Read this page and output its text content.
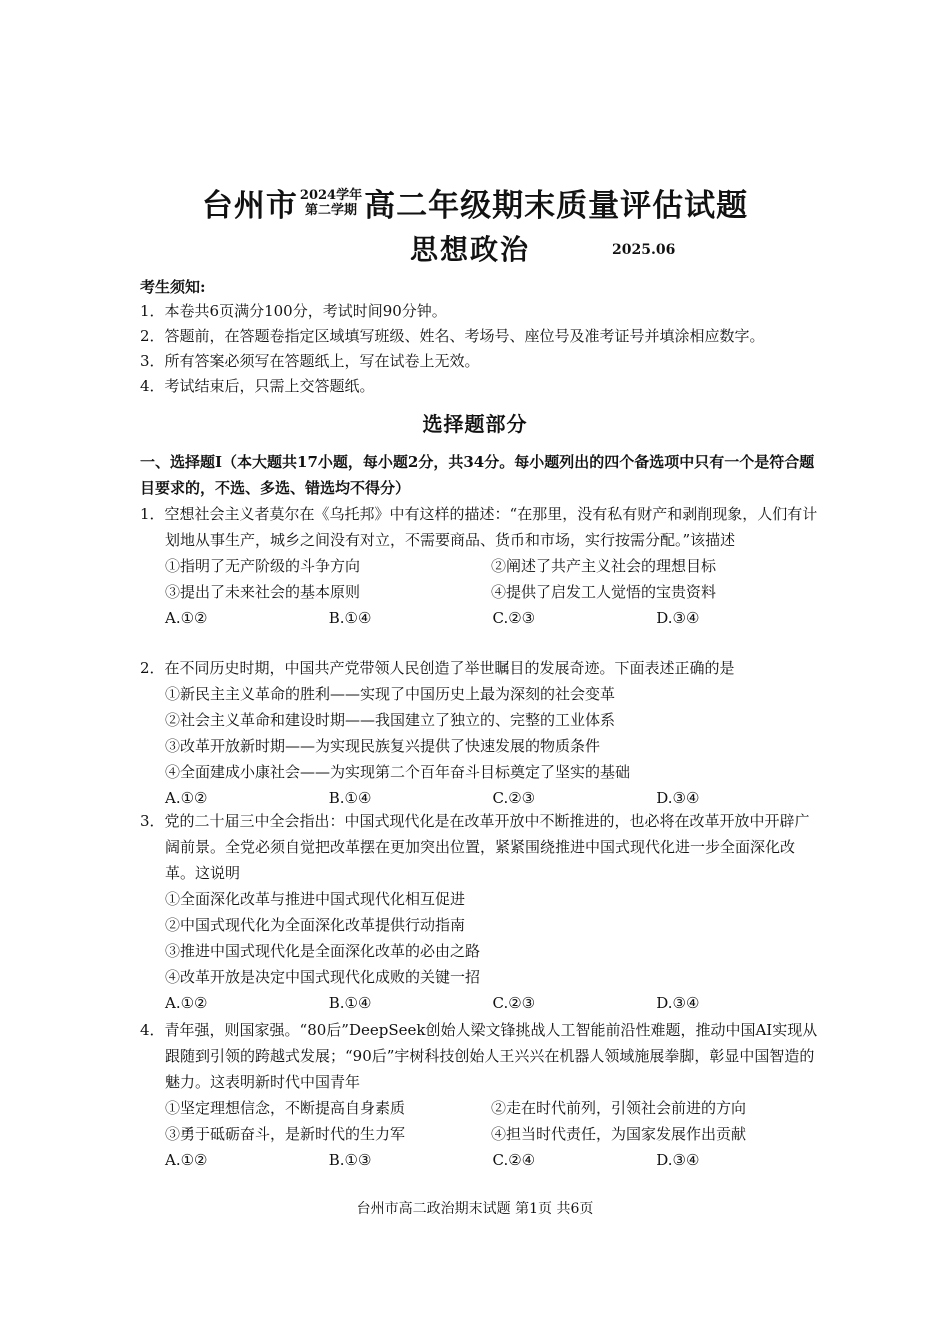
台州市 2024学年
第二学期 高二年级期末质量评估试题
思想政治	2025.06
考生须知:
1．本卷共6页满分100分，考试时间90分钟。
2．答题前，在答题卷指定区域填写班级、姓名、考场号、座位号及准考证号并填涂相应数字。
3．所有答案必须写在答题纸上，写在试卷上无效。
4．考试结束后，只需上交答题纸。
选择题部分
一、选择题Ⅰ（本大题共17小题，每小题2分，共34分。每小题列出的四个备选项中只有一个是符合题目要求的，不选、多选、错选均不得分）
1．空想社会主义者莫尔在《乌托邦》中有这样的描述：“在那里，没有私有财产和剥削现象，人们有计划地从事生产，城乡之间没有对立，不需要商品、货币和市场，实行按需分配。”该描述
①指明了无产阶级的斗争方向	②阐述了共产主义社会的理想目标
③提出了未来社会的基本原则	④提供了启发工人觉悟的宝贵资料
A.①②	B.①④	C.②③	D.③④
2．在不同历史时期，中国共产党带领人民创造了举世瞩目的发展奇迹。下面表述正确的是
①新民主主义革命的胜利——实现了中国历史上最为深刻的社会变革
②社会主义革命和建设时期——我国建立了独立的、完整的工业体系
③改革开放新时期——为实现民族复兴提供了快速发展的物质条件
④全面建成小康社会——为实现第二个百年奋斗目标奠定了坚实的基础
A.①②	B.①④	C.②③	D.③④
3．党的二十届三中全会指出：中国式现代化是在改革开放中不断推进的，也必将在改革开放中开辟广阔前景。全党必须自觉把改革摆在更加突出位置，紧紧围绕推进中国式现代化进一步全面深化改革。这说明
①全面深化改革与推进中国式现代化相互促进
②中国式现代化为全面深化改革提供行动指南
③推进中国式现代化是全面深化改革的必由之路
④改革开放是决定中国式现代化成败的关键一招
A.①②	B.①④	C.②③	D.③④
4．青年强，则国家强。“80后”DeepSeek创始人梁文锋挑战人工智能前沿性难题，推动中国AI实现从跟随到引领的跨越式发展；“90后”宇树科技创始人王兴兴在机器人领域施展拳脚，彰显中国智造的魅力。这表明新时代中国青年
①坚定理想信念，不断提高自身素质	②走在时代前列，引领社会前进的方向
③勇于砥砺奋斗，是新时代的生力军	④担当时代责任，为国家发展作出贡献
A.①②	B.①③	C.②④	D.③④
台州市高二政治期末试题 第1页 共6页
